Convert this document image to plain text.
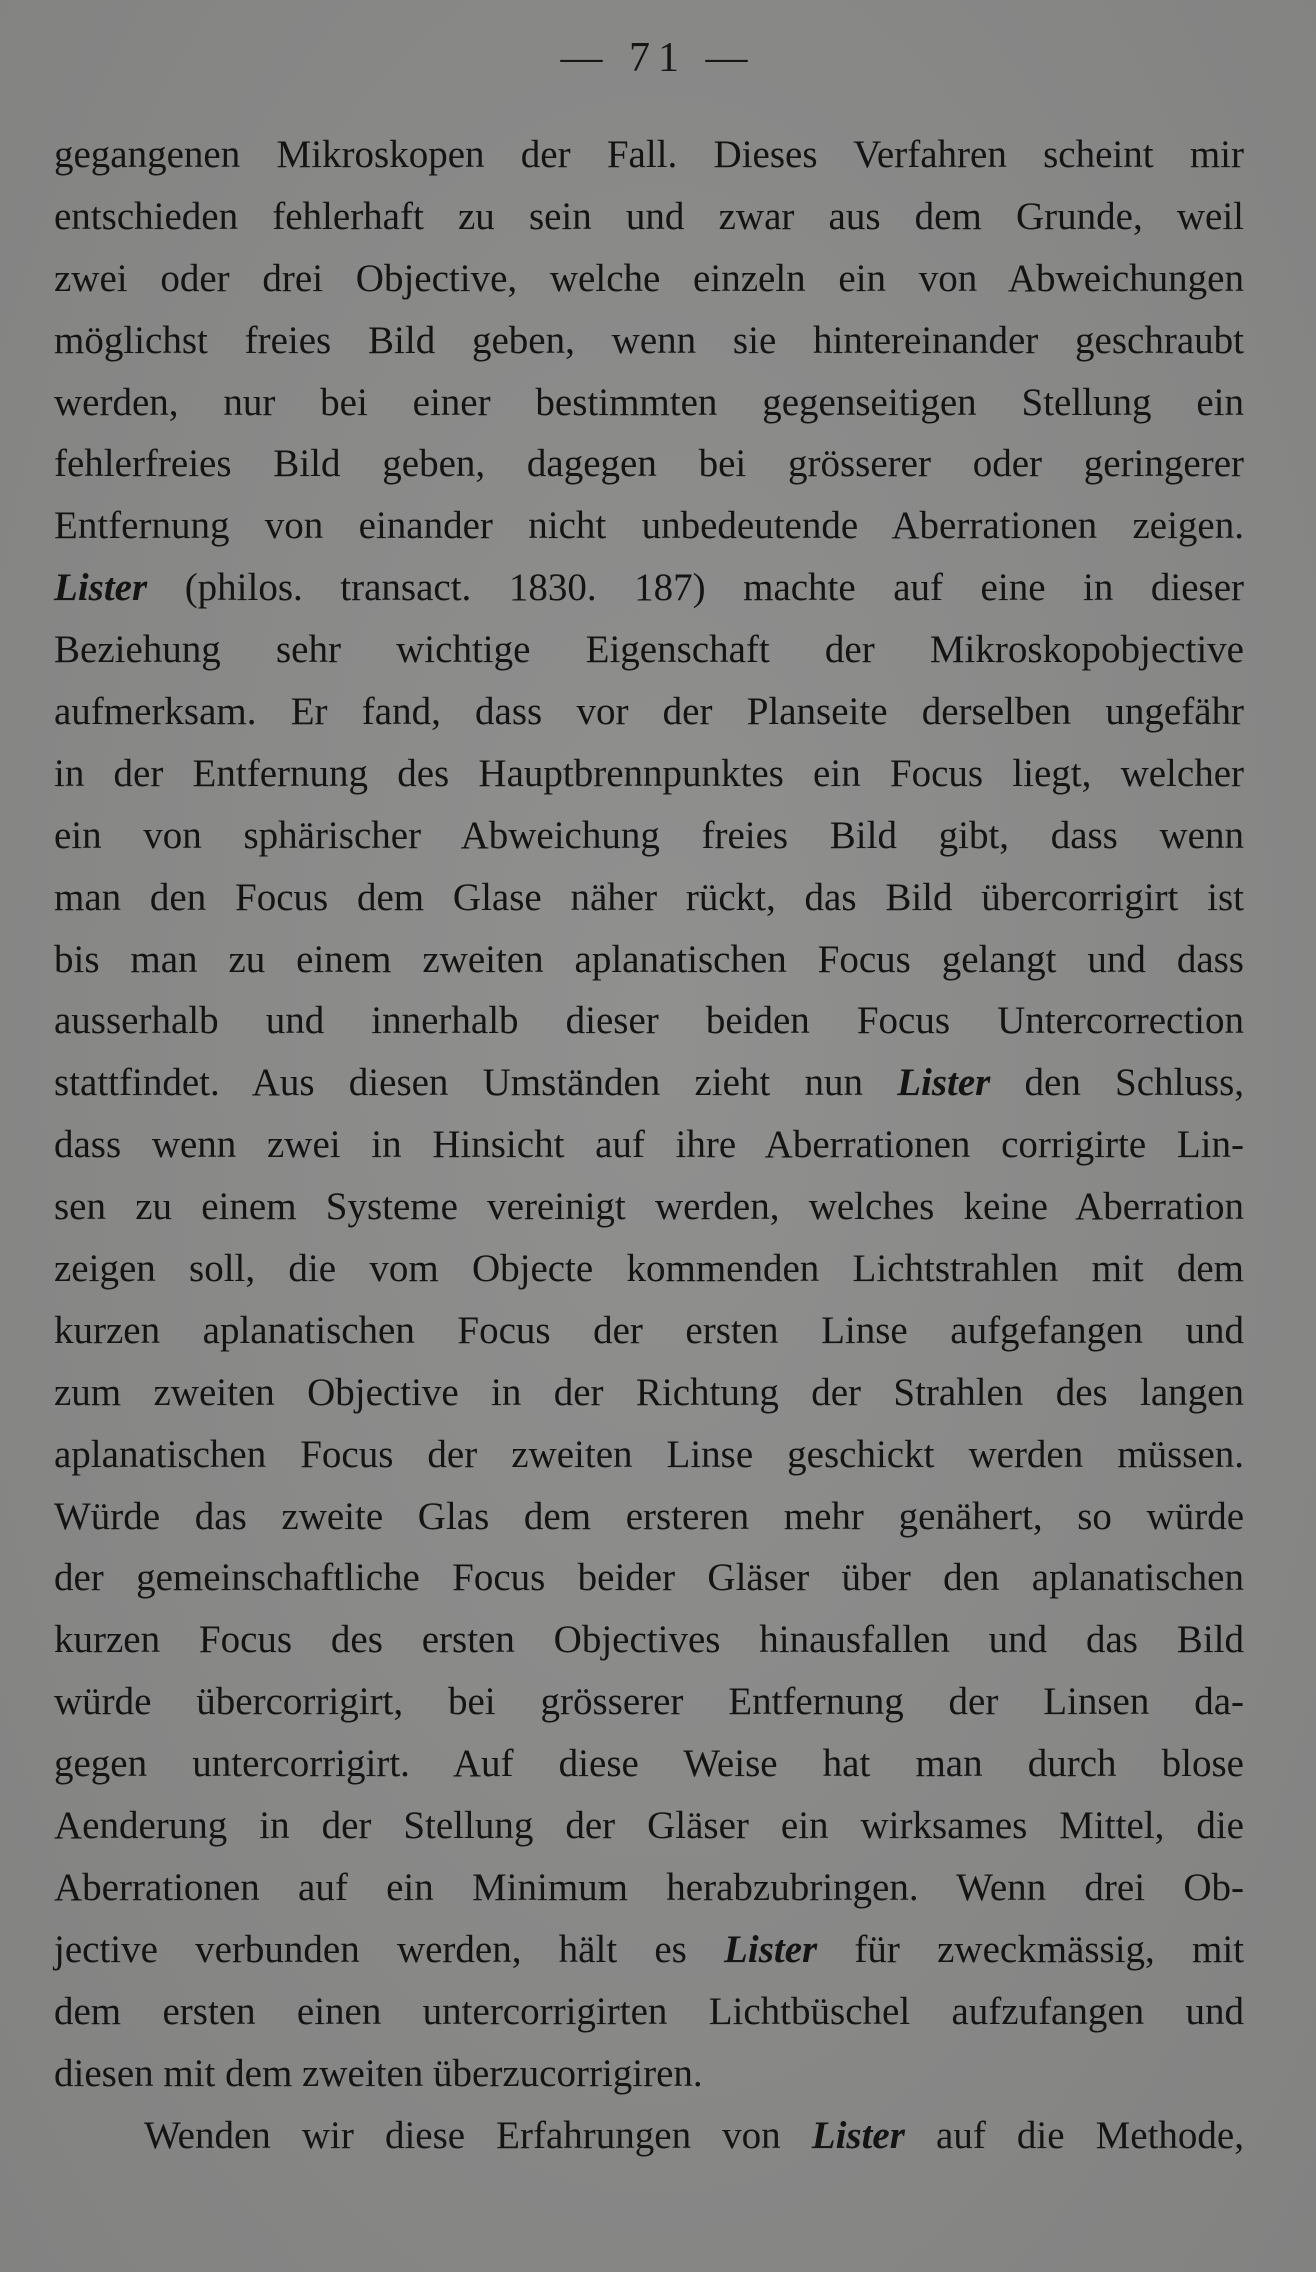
— 71 —
gegangenen Mikroskopen der Fall. Dieses Verfahren scheint mir
entschieden fehlerhaft zu sein und zwar aus dem Grunde, weil
zwei oder drei Objective, welche einzeln ein von Abweichungen
möglichst freies Bild geben, wenn sie hintereinander geschraubt
werden, nur bei einer bestimmten gegenseitigen Stellung ein
fehlerfreies Bild geben, dagegen bei grösserer oder geringerer
Entfernung von einander nicht unbedeutende Aberrationen zeigen.
Lister (philos. transact. 1830. 187) machte auf eine in dieser
Beziehung sehr wichtige Eigenschaft der Mikroskopobjective
aufmerksam. Er fand, dass vor der Planseite derselben ungefähr
in der Entfernung des Hauptbrennpunktes ein Focus liegt, welcher
ein von sphärischer Abweichung freies Bild gibt, dass wenn
man den Focus dem Glase näher rückt, das Bild übercorrigirt ist
bis man zu einem zweiten aplanatischen Focus gelangt und dass
ausserhalb und innerhalb dieser beiden Focus Untercorrection
stattfindet. Aus diesen Umständen zieht nun Lister den Schluss,
dass wenn zwei in Hinsicht auf ihre Aberrationen corrigirte Lin-
sen zu einem Systeme vereinigt werden, welches keine Aberration
zeigen soll, die vom Objecte kommenden Lichtstrahlen mit dem
kurzen aplanatischen Focus der ersten Linse aufgefangen und
zum zweiten Objective in der Richtung der Strahlen des langen
aplanatischen Focus der zweiten Linse geschickt werden müssen.
Würde das zweite Glas dem ersteren mehr genähert, so würde
der gemeinschaftliche Focus beider Gläser über den aplanatischen
kurzen Focus des ersten Objectives hinausfallen und das Bild
würde übercorrigirt, bei grösserer Entfernung der Linsen da-
gegen untercorrigirt. Auf diese Weise hat man durch blose
Aenderung in der Stellung der Gläser ein wirksames Mittel, die
Aberrationen auf ein Minimum herabzubringen. Wenn drei Ob-
jective verbunden werden, hält es Lister für zweckmässig, mit
dem ersten einen untercorrigirten Lichtbüschel aufzufangen und
diesen mit dem zweiten überzucorrigiren.
Wenden wir diese Erfahrungen von Lister auf die Methode,
